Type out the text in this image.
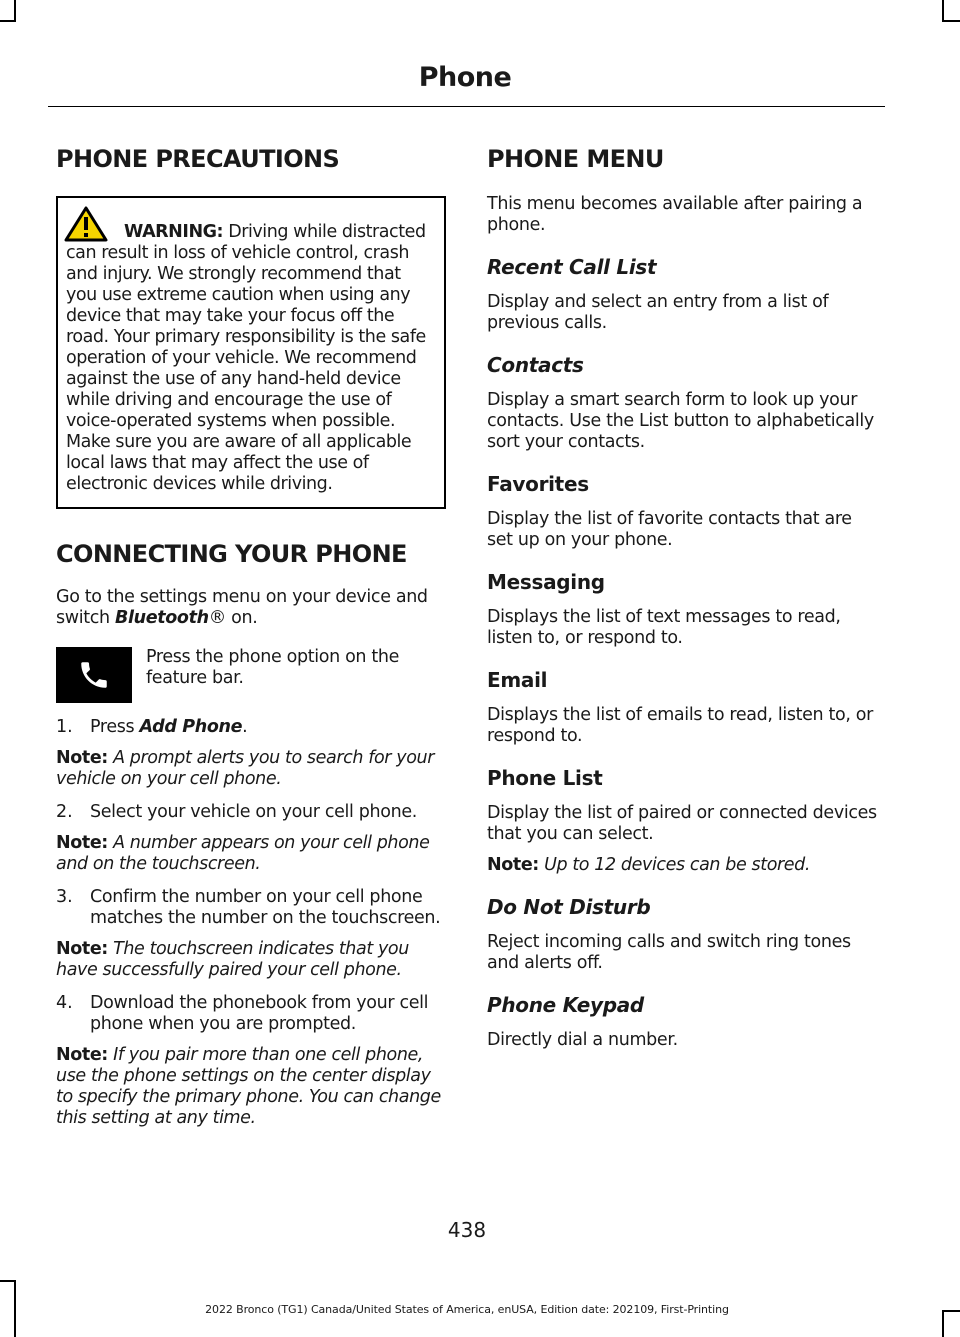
Phone
PHONE PRECAUTIONS
WARNING: Driving while distracted can result in loss of vehicle control, crash and injury. We strongly recommend that you use extreme caution when using any device that may take your focus off the road. Your primary responsibility is the safe operation of your vehicle. We recommend against the use of any hand-held device while driving and encourage the use of voice-operated systems when possible. Make sure you are aware of all applicable local laws that may affect the use of electronic devices while driving.
CONNECTING YOUR PHONE

Go to the settings menu on your device and switch Bluetooth® on.

Press the phone option on the feature bar.

1. Press Add Phone.

Note: A prompt alerts you to search for your vehicle on your cell phone.
2. Select your vehicle on your cell phone.

Note: A number appears on your cell phone and on the touchscreen.
3. Confirm the number on your cell phone matches the number on the touchscreen.

Note: The touchscreen indicates that you have successfully paired your cell phone.
4. Download the phonebook from your cell phone when you are prompted.

Note: If you pair more than one cell phone, use the phone settings on the center display to specify the primary phone. You can change this setting at any time.
PHONE MENU

This menu becomes available after pairing a phone.

Recent Call List

Display and select an entry from a list of previous calls.

Contacts

Display a smart search form to look up your contacts. Use the List button to alphabetically sort your contacts.

Favorites

Display the list of favorite contacts that are set up on your phone.

Messaging

Displays the list of text messages to read, listen to, or respond to.

Email

Displays the list of emails to read, listen to, or respond to.

Phone List

Display the list of paired or connected devices that you can select.

Note: Up to 12 devices can be stored.
Do Not Disturb

Reject incoming calls and switch ring tones and alerts off.

Phone Keypad

Directly dial a number.

438
2022 Bronco (TG1) Canada/United States of America, enUSA, Edition date: 202109, First-Printing
